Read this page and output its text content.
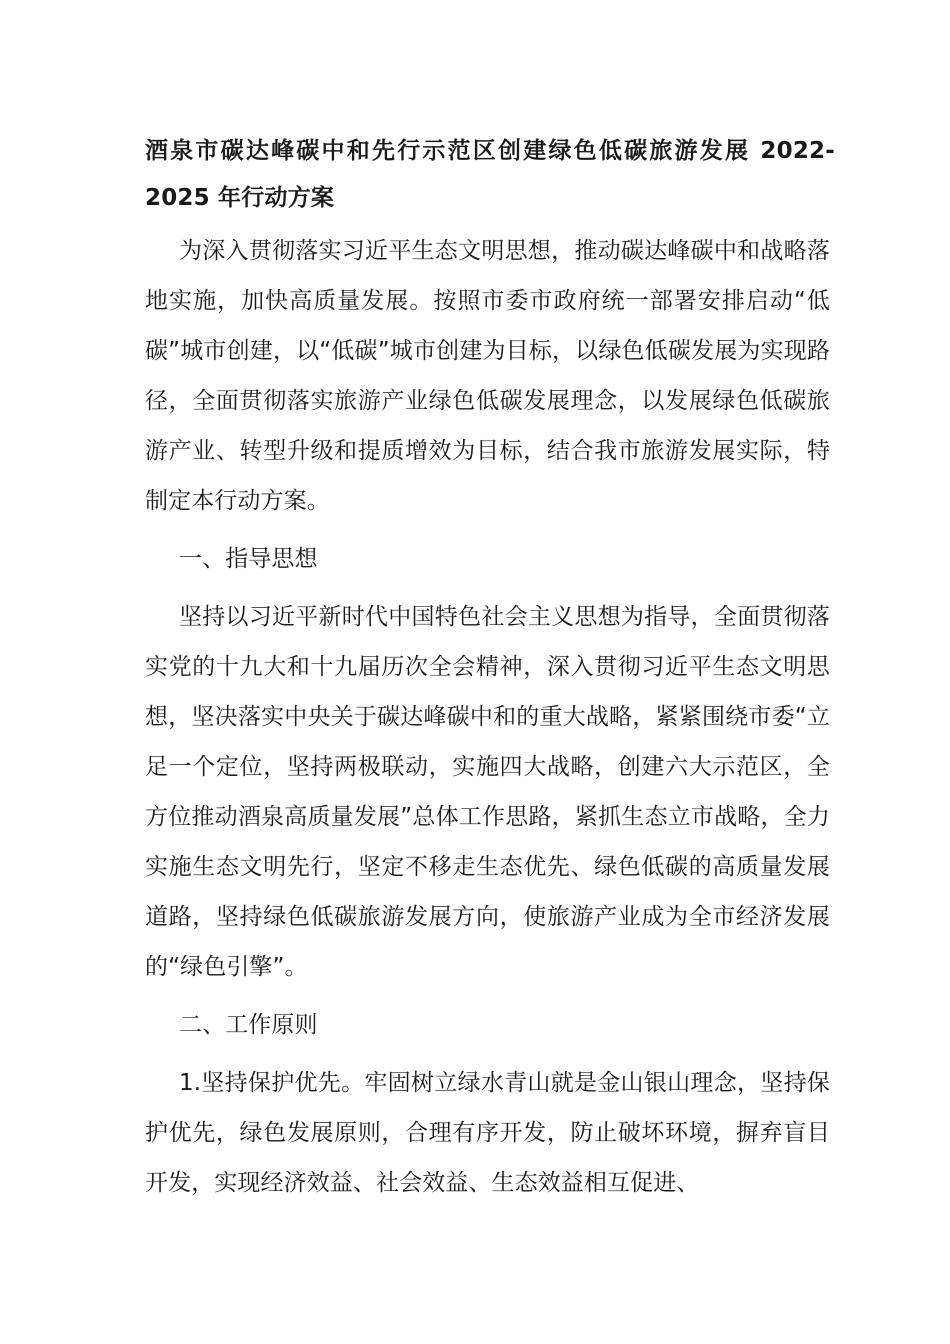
酒泉市碳达峰碳中和先行示范区创建绿色低碳旅游发展 2022-2025 年行动方案

为深入贯彻落实习近平生态文明思想，推动碳达峰碳中和战略落地实施，加快高质量发展。按照市委市政府统一部署安排启动“低碳”城市创建，以“低碳”城市创建为目标，以绿色低碳发展为实现路径，全面贯彻落实旅游产业绿色低碳发展理念，以发展绿色低碳旅游产业、转型升级和提质增效为目标，结合我市旅游发展实际，特制定本行动方案。

一、指导思想

坚持以习近平新时代中国特色社会主义思想为指导，全面贯彻落实党的十九大和十九届历次全会精神，深入贯彻习近平生态文明思想，坚决落实中央关于碳达峰碳中和的重大战略，紧紧围绕市委“立足一个定位，坚持两极联动，实施四大战略，创建六大示范区，全方位推动酒泉高质量发展”总体工作思路，紧抓生态立市战略，全力实施生态文明先行，坚定不移走生态优先、绿色低碳的高质量发展道路，坚持绿色低碳旅游发展方向，使旅游产业成为全市经济发展的“绿色引擎”。

二、工作原则

1.坚持保护优先。牢固树立绿水青山就是金山银山理念，坚持保护优先，绿色发展原则，合理有序开发，防止破坏环境，摒弃盲目开发，实现经济效益、社会效益、生态效益相互促进、
